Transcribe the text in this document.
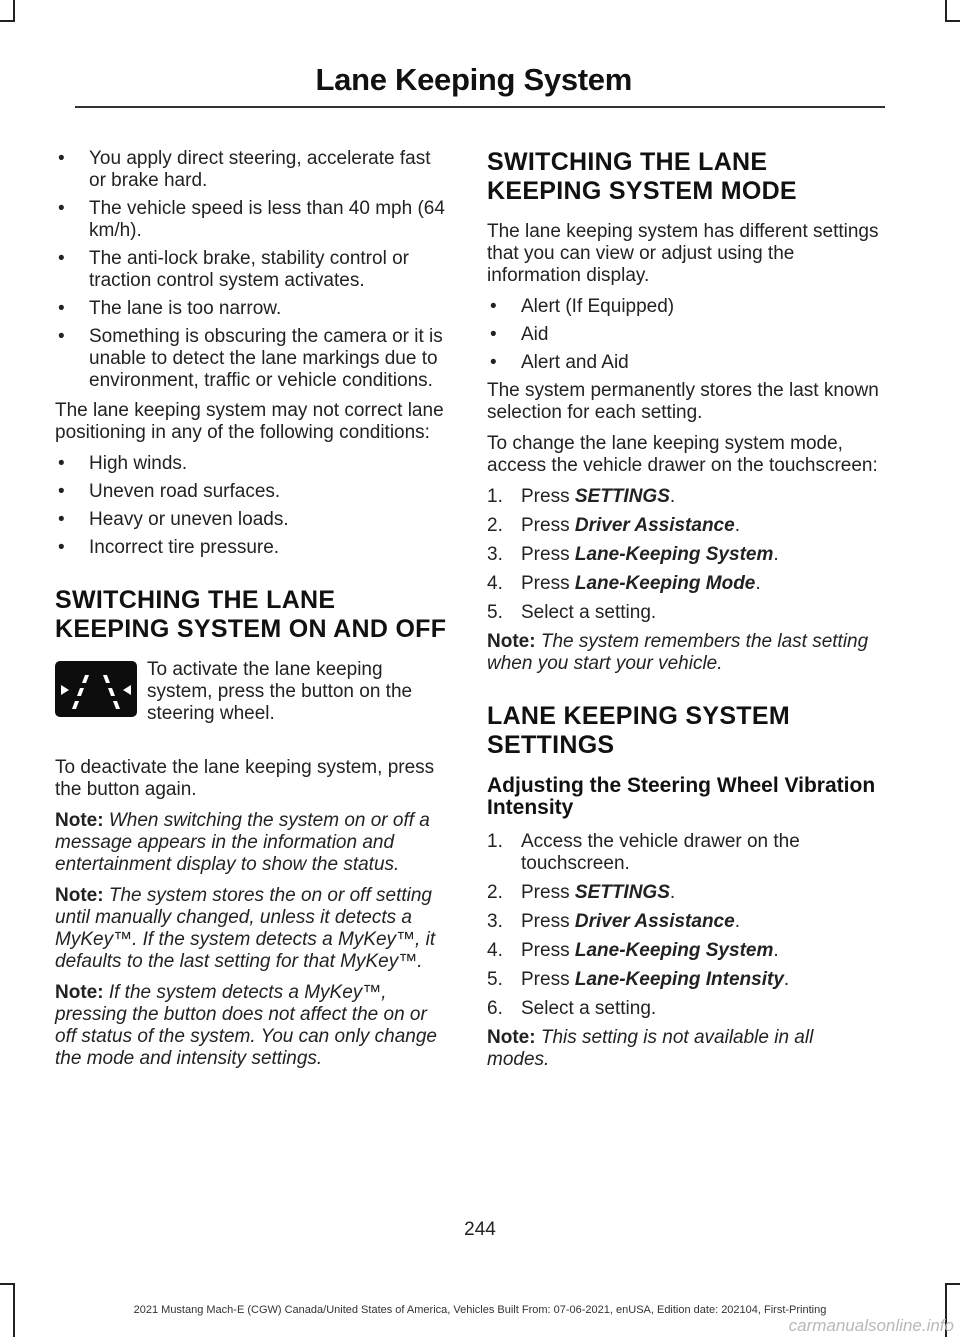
Lane Keeping System
• You apply direct steering, accelerate fast or brake hard.
• The vehicle speed is less than 40 mph (64 km/h).
• The anti-lock brake, stability control or traction control system activates.
• The lane is too narrow.
• Something is obscuring the camera or it is unable to detect the lane markings due to environment, traffic or vehicle conditions.

The lane keeping system may not correct lane positioning in any of the following conditions:

• High winds.
• Uneven road surfaces.
• Heavy or uneven loads.
• Incorrect tire pressure.
SWITCHING THE LANE KEEPING SYSTEM ON AND OFF

To activate the lane keeping system, press the button on the steering wheel.

To deactivate the lane keeping system, press the button again.

Note: When switching the system on or off a message appears in the information and entertainment display to show the status.

Note: The system stores the on or off setting until manually changed, unless it detects a MyKey™. If the system detects a MyKey™, it defaults to the last setting for that MyKey™.

Note: If the system detects a MyKey™, pressing the button does not affect the on or off status of the system. You can only change the mode and intensity settings.

SWITCHING THE LANE KEEPING SYSTEM MODE

The lane keeping system has different settings that you can view or adjust using the information display.

• Alert (If Equipped)
• Aid
• Alert and Aid

The system permanently stores the last known selection for each setting.

To change the lane keeping system mode, access the vehicle drawer on the touchscreen:

1. Press SETTINGS.
2. Press Driver Assistance.
3. Press Lane-Keeping System.
4. Press Lane-Keeping Mode.
5. Select a setting.

Note: The system remembers the last setting when you start your vehicle.

LANE KEEPING SYSTEM SETTINGS
Adjusting the Steering Wheel Vibration Intensity
1. Access the vehicle drawer on the touchscreen.
2. Press SETTINGS.
3. Press Driver Assistance.
4. Press Lane-Keeping System.
5. Press Lane-Keeping Intensity.
6. Select a setting.

Note: This setting is not available in all modes.

244
2021 Mustang Mach-E (CGW) Canada/United States of America, Vehicles Built From: 07-06-2021, enUSA, Edition date: 202104, First-Printing
carmanualsonline.info
